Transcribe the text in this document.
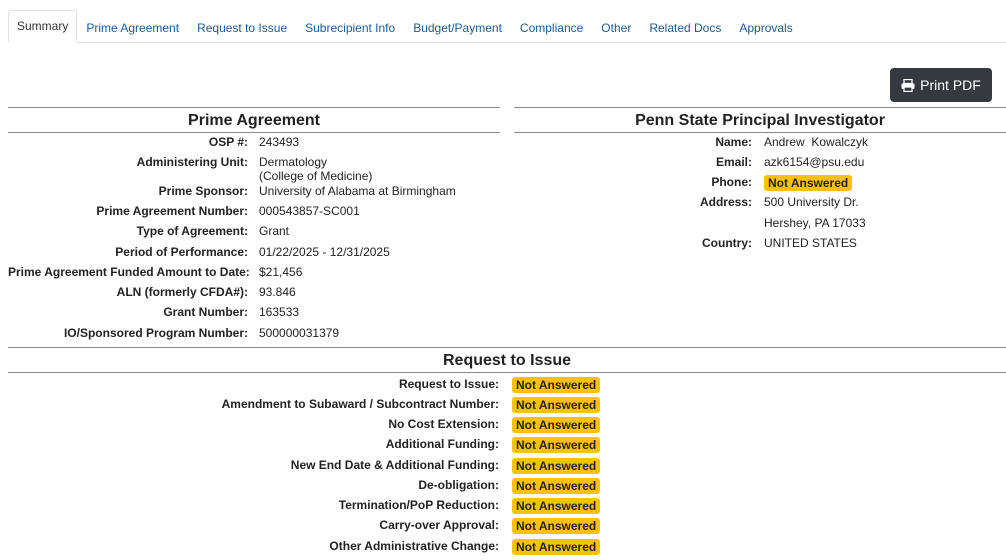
Summary	Prime Agreement	Request to Issue	Subrecipient Info	Budget/Payment	Compliance	Other	Related Docs	Approvals
Print PDF
Prime Agreement
OSP #: 243493
Administering Unit: Dermatology
(College of Medicine)
Prime Sponsor: University of Alabama at Birmingham
Prime Agreement Number: 000543857-SC001
Type of Agreement: Grant
Period of Performance: 01/22/2025 - 12/31/2025
Prime Agreement Funded Amount to Date: $21,456
ALN (formerly CFDA#): 93.846
Grant Number: 163533
IO/Sponsored Program Number: 500000031379
Penn State Principal Investigator
Name: Andrew  Kowalczyk
Email: azk6154@psu.edu
Phone:	Not Answered
Address: 500 University Dr.
Hershey, PA 17033
Country: UNITED STATES
Request to Issue
Request to Issue:	Not Answered
Amendment to Subaward / Subcontract Number:	Not Answered
No Cost Extension:	Not Answered
Additional Funding:	Not Answered
New End Date & Additional Funding:	Not Answered
De-obligation:	Not Answered
Termination/PoP Reduction:	Not Answered
Carry-over Approval:	Not Answered
Other Administrative Change:	Not Answered
